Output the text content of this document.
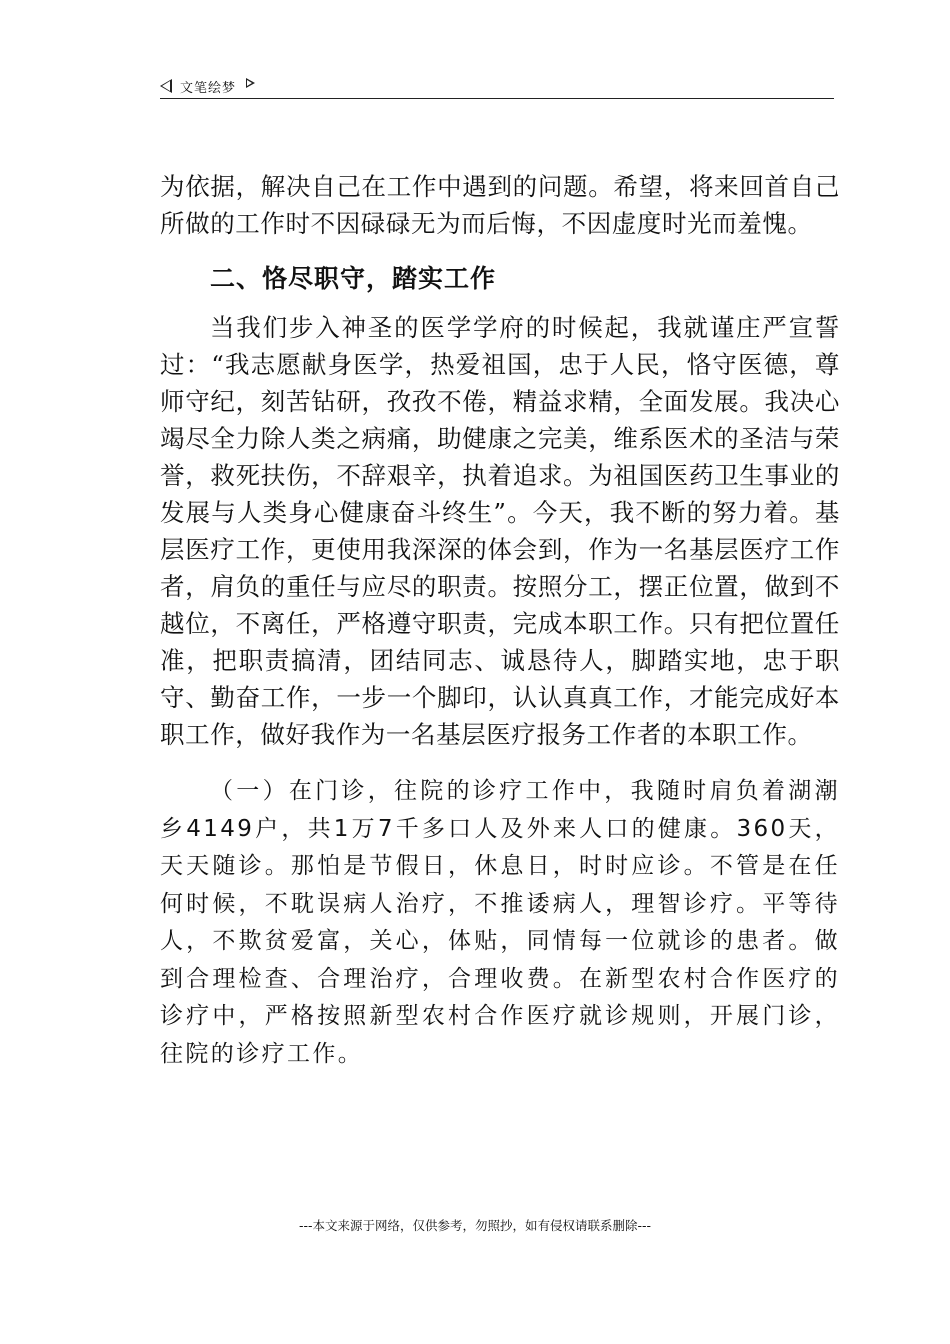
文笔绘梦

为依据，解决自己在工作中遇到的问题。希望，将来回首自己所做的工作时不因碌碌无为而后悔，不因虚度时光而羞愧。

二、恪尽职守，踏实工作

当我们步入神圣的医学学府的时候起，我就谨庄严宣誓过：“我志愿献身医学，热爱祖国，忠于人民，恪守医德，尊师守纪，刻苦钻研，孜孜不倦，精益求精，全面发展。我决心竭尽全力除人类之病痛，助健康之完美，维系医术的圣洁与荣誉，救死扶伤，不辞艰辛，执着追求。为祖国医药卫生事业的发展与人类身心健康奋斗终生”。今天，我不断的努力着。基层医疗工作，更使用我深深的体会到，作为一名基层医疗工作者，肩负的重任与应尽的职责。按照分工，摆正位置，做到不越位，不离任，严格遵守职责，完成本职工作。只有把位置任准，把职责搞清，团结同志、诚恳待人，脚踏实地，忠于职守、勤奋工作，一步一个脚印，认认真真工作，才能完成好本职工作，做好我作为一名基层医疗报务工作者的本职工作。

（一）在门诊，往院的诊疗工作中，我随时肩负着湖潮乡4149户，共1万7千多口人及外来人口的健康。360天，天天随诊。那怕是节假日，休息日，时时应诊。不管是在任何时候，不耽误病人治疗，不推诿病人，理智诊疗。平等待人，不欺贫爱富，关心，体贴，同情每一位就诊的患者。做到合理检查、合理治疗，合理收费。在新型农村合作医疗的诊疗中，严格按照新型农村合作医疗就诊规则，开展门诊，往院的诊疗工作。

---本文来源于网络，仅供参考，勿照抄，如有侵权请联系删除---
